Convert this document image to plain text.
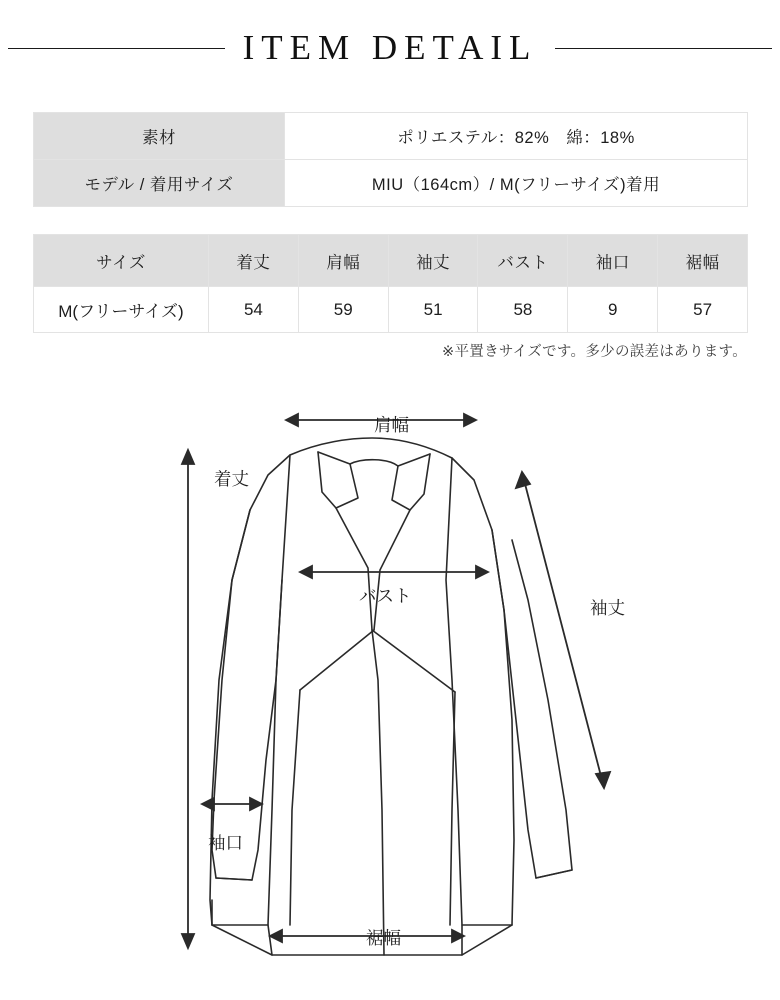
ITEM DETAIL
素材	ポリエステル：82%　綿：18%
モデル / 着用サイズ	MIU（164cm）/ M(フリーサイズ)着用
サイズ	着丈	肩幅	袖丈	バスト	袖口	裾幅
M(フリーサイズ)	54	59	51	58	9	57
※平置きサイズです。多少の誤差はあります。
着丈
肩幅
袖丈
バスト
袖口
裾幅
